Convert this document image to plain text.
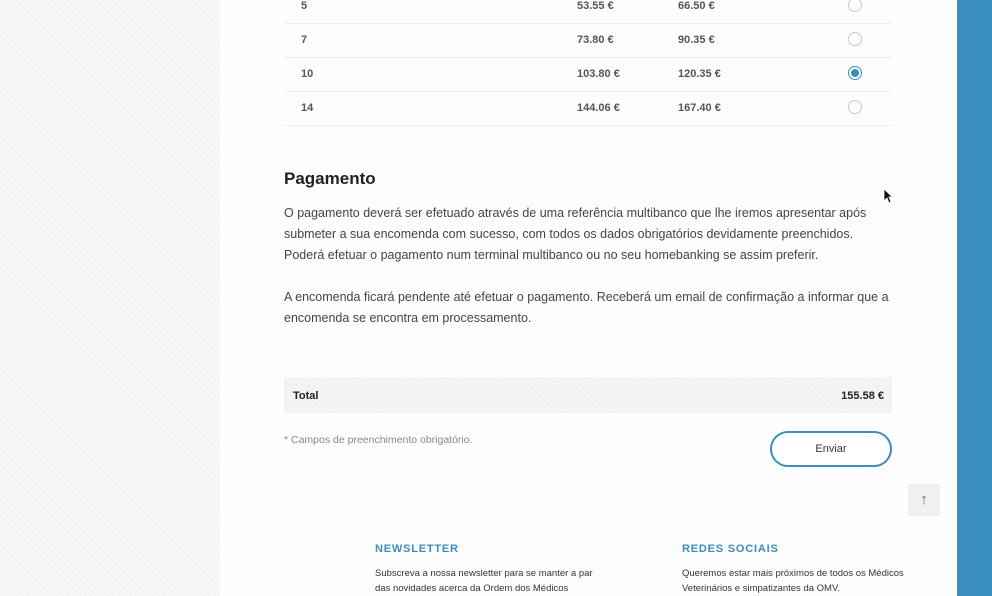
5	53.55 €	66.50 €
7	73.80 €	90.35 €
10	103.80 €	120.35 €
14	144.06 €	167.40 €
Pagamento
O pagamento deverá ser efetuado através de uma referência multibanco que lhe iremos apresentar após submeter a sua encomenda com sucesso, com todos os dados obrigatórios devidamente preenchidos. Poderá efetuar o pagamento num terminal multibanco ou no seu homebanking se assim preferir.
A encomenda ficará pendente até efetuar o pagamento. Receberá um email de confirmação a informar que a encomenda se encontra em processamento.
Total	155.58 €
* Campos de preenchimento obrigatório.
Enviar
↑
NEWSLETTER
Subscreva a nossa newsletter para se manter a par das novidades acerca da Ordem dos Médicos
REDES SOCIAIS
Queremos estar mais próximos de todos os Médicos Veterinários e simpatizantes da OMV.
